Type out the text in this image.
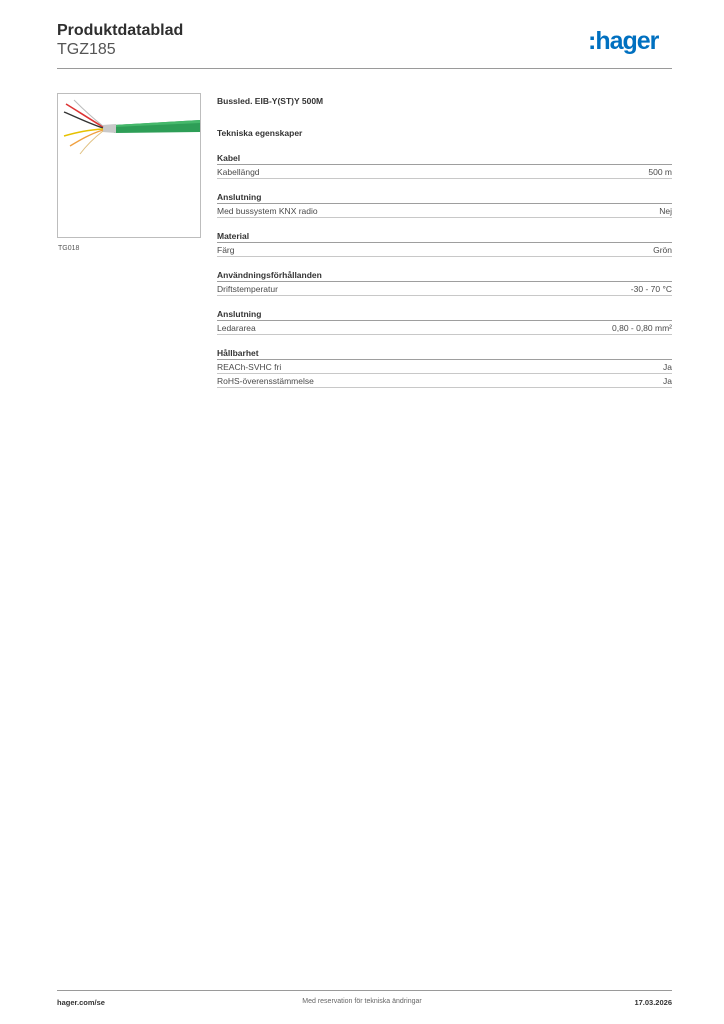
Produktdatablad
TGZ185	:hager
TG018
Bussled. EIB-Y(ST)Y 500M
Tekniska egenskaper
Kabel
Kabellängd	500 m
Anslutning
Med bussystem KNX radio	Nej
Material
Färg	Grön
Användningsförhållanden
Driftstemperatur	-30 - 70 °C
Anslutning
Ledararea	0,80 - 0,80 mm²
Hållbarhet
REACh-SVHC fri	Ja
RoHS-överensstämmelse	Ja
hager.com/se	Med reservation för tekniska ändringar	17.03.2026
